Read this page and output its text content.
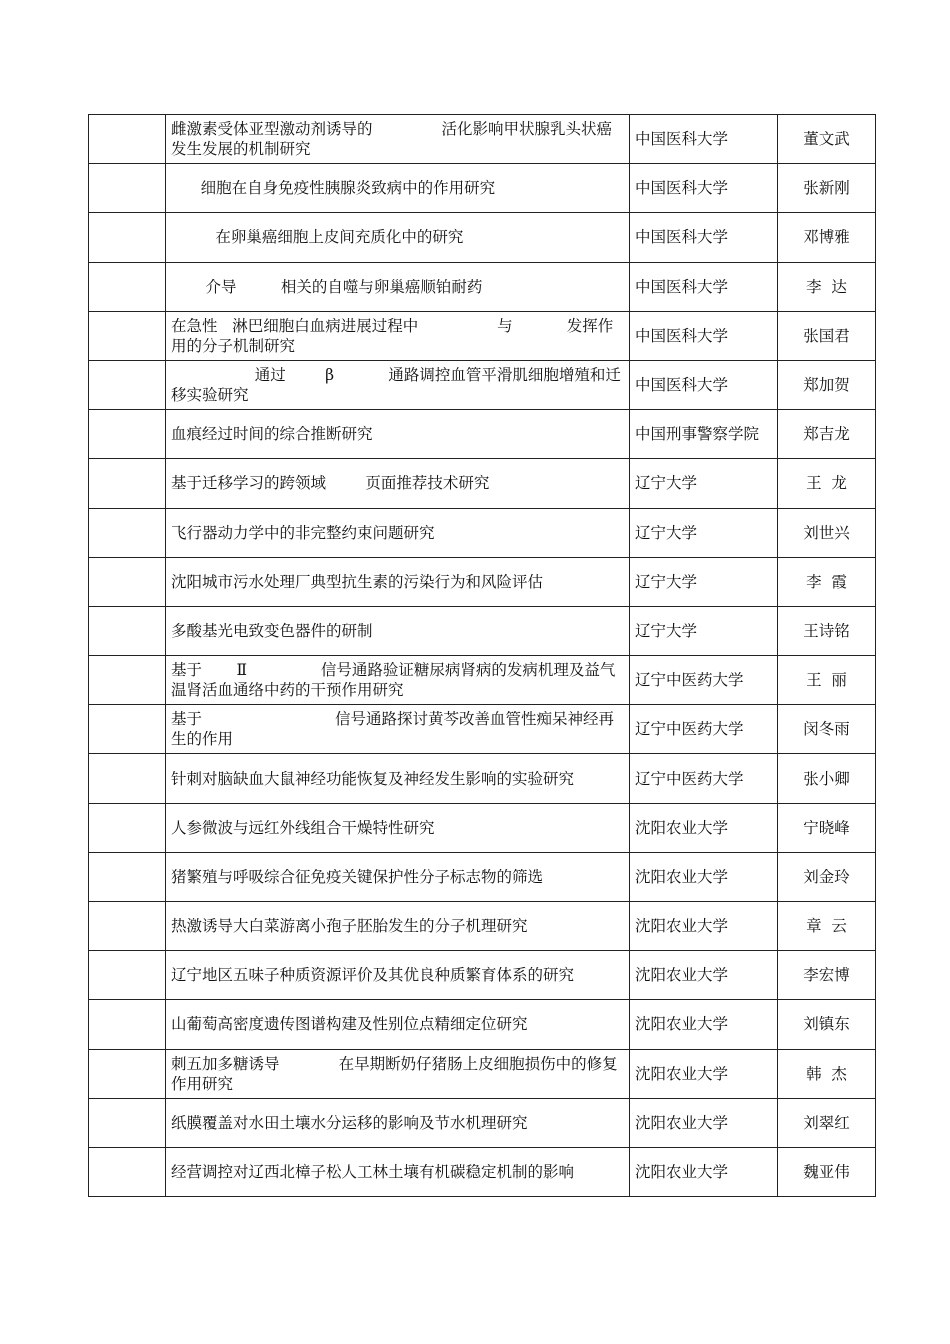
	雌激素受体亚型激动剂诱导的              活化影响甲状腺乳头状癌发生发展的机制研究	中国医科大学	董文武
	细胞在自身免疫性胰腺炎致病中的作用研究	中国医科大学	张新刚
	在卵巢癌细胞上皮间充质化中的研究	中国医科大学	邓博雅
	介导         相关的自噬与卵巢癌顺铂耐药	中国医科大学	李  达
	在急性   淋巴细胞白血病进展过程中                与           发挥作用的分子机制研究	中国医科大学	张国君
	通过        β           通路调控血管平滑肌细胞增殖和迁移实验研究	中国医科大学	郑加贺
	血痕经过时间的综合推断研究	中国刑事警察学院	郑吉龙
	基于迁移学习的跨领域        页面推荐技术研究	辽宁大学	王  龙
	飞行器动力学中的非完整约束问题研究	辽宁大学	刘世兴
	沈阳城市污水处理厂典型抗生素的污染行为和风险评估	辽宁大学	李  霞
	多酸基光电致变色器件的研制	辽宁大学	王诗铭
	基于       Ⅱ               信号通路验证糖尿病肾病的发病机理及益气温肾活血通络中药的干预作用研究	辽宁中医药大学	王  丽
	基于                           信号通路探讨黄芩改善血管性痴呆神经再生的作用	辽宁中医药大学	闵冬雨
	针刺对脑缺血大鼠神经功能恢复及神经发生影响的实验研究	辽宁中医药大学	张小卿
	人参微波与远红外线组合干燥特性研究	沈阳农业大学	宁晓峰
	猪繁殖与呼吸综合征免疫关键保护性分子标志物的筛选	沈阳农业大学	刘金玲
	热激诱导大白菜游离小孢子胚胎发生的分子机理研究	沈阳农业大学	章  云
	辽宁地区五味子种质资源评价及其优良种质繁育体系的研究	沈阳农业大学	李宏博
	山葡萄高密度遗传图谱构建及性别位点精细定位研究	沈阳农业大学	刘镇东
	刺五加多糖诱导            在早期断奶仔猪肠上皮细胞损伤中的修复作用研究	沈阳农业大学	韩  杰
	纸膜覆盖对水田土壤水分运移的影响及节水机理研究	沈阳农业大学	刘翠红
	经营调控对辽西北樟子松人工林土壤有机碳稳定机制的影响	沈阳农业大学	魏亚伟
